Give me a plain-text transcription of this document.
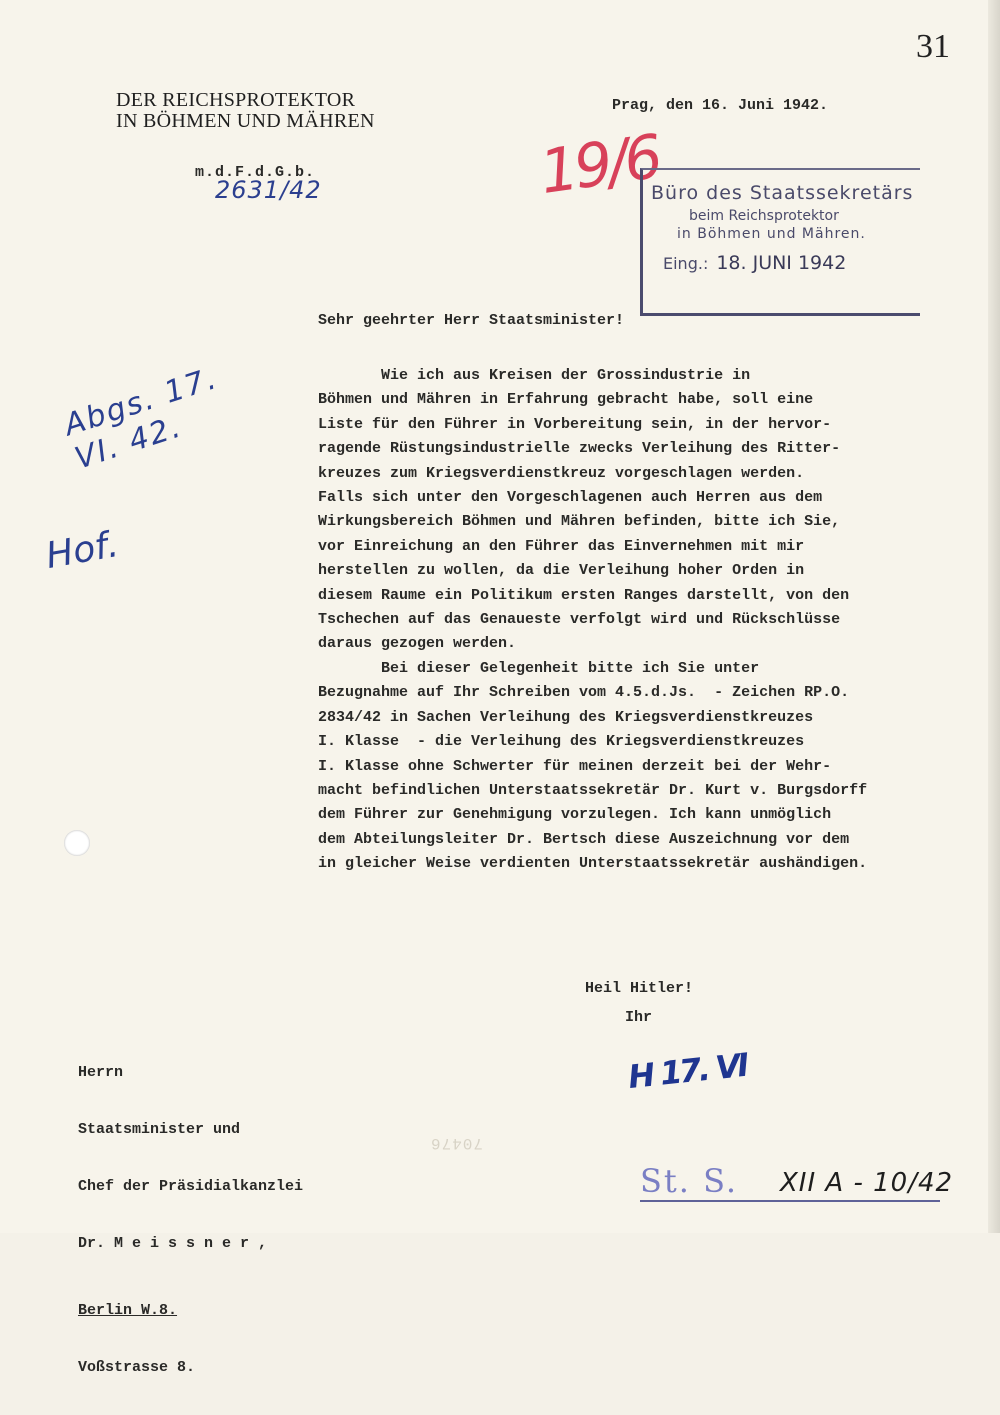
31
DER REICHSPROTEKTOR
IN BÖHMEN UND MÄHREN
m.d.F.d.G.b.
2631/42
Prag, den 16. Juni 1942.
19/6
Büro des Staatssekretärs
beim Reichsprotektor
in Böhmen und Mähren.
Eing.: 18. JUNI 1942
Sehr geehrter Herr Staatsminister!
Wie ich aus Kreisen der Grossindustrie in
Böhmen und Mähren in Erfahrung gebracht habe, soll eine
Liste für den Führer in Vorbereitung sein, in der hervor-
ragende Rüstungsindustrielle zwecks Verleihung des Ritter-
kreuzes zum Kriegsverdienstkreuz vorgeschlagen werden.
Falls sich unter den Vorgeschlagenen auch Herren aus dem
Wirkungsbereich Böhmen und Mähren befinden, bitte ich Sie,
vor Einreichung an den Führer das Einvernehmen mit mir
herstellen zu wollen, da die Verleihung hoher Orden in
diesem Raume ein Politikum ersten Ranges darstellt, von den
Tschechen auf das Genaueste verfolgt wird und Rückschlüsse
daraus gezogen werden.
Bei dieser Gelegenheit bitte ich Sie unter
Bezugnahme auf Ihr Schreiben vom 4.5.d.Js.  - Zeichen RP.O.
2834/42 in Sachen Verleihung des Kriegsverdienstkreuzes
I. Klasse  - die Verleihung des Kriegsverdienstkreuzes
I. Klasse ohne Schwerter für meinen derzeit bei der Wehr-
macht befindlichen Unterstaatssekretär Dr. Kurt v. Burgsdorff
dem Führer zur Genehmigung vorzulegen. Ich kann unmöglich
dem Abteilungsleiter Dr. Bertsch diese Auszeichnung vor dem
in gleicher Weise verdienten Unterstaatssekretär aushändigen.
Heil Hitler!
Ihr
Abgs. 17. VI. 42.
Hof.

Herrn

Staatsminister und

Chef der Präsidialkanzlei

Dr. M e i s s n e r ,

Berlin W.8.

Voßstrasse 8.

H 17. VI
70476
St. S. XII A - 10/42
